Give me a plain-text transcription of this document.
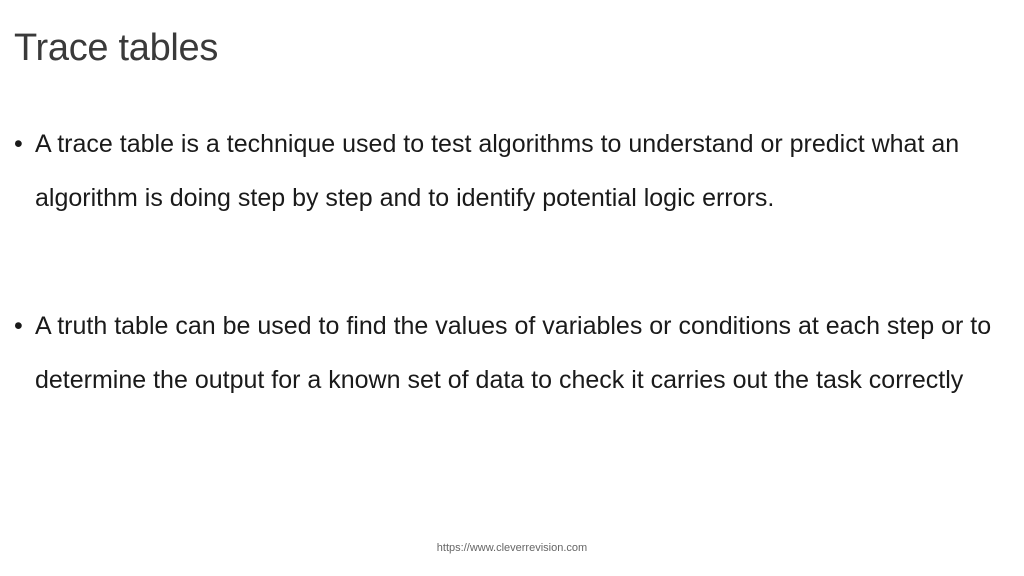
Trace tables
• A trace table is a technique used to test algorithms to understand or predict what an algorithm is doing step by step and to identify potential logic errors.
• A truth table can be used to find the values of variables or conditions at each step or to determine the output for a known set of data to check it carries out the task correctly
https://www.cleverrevision.com
